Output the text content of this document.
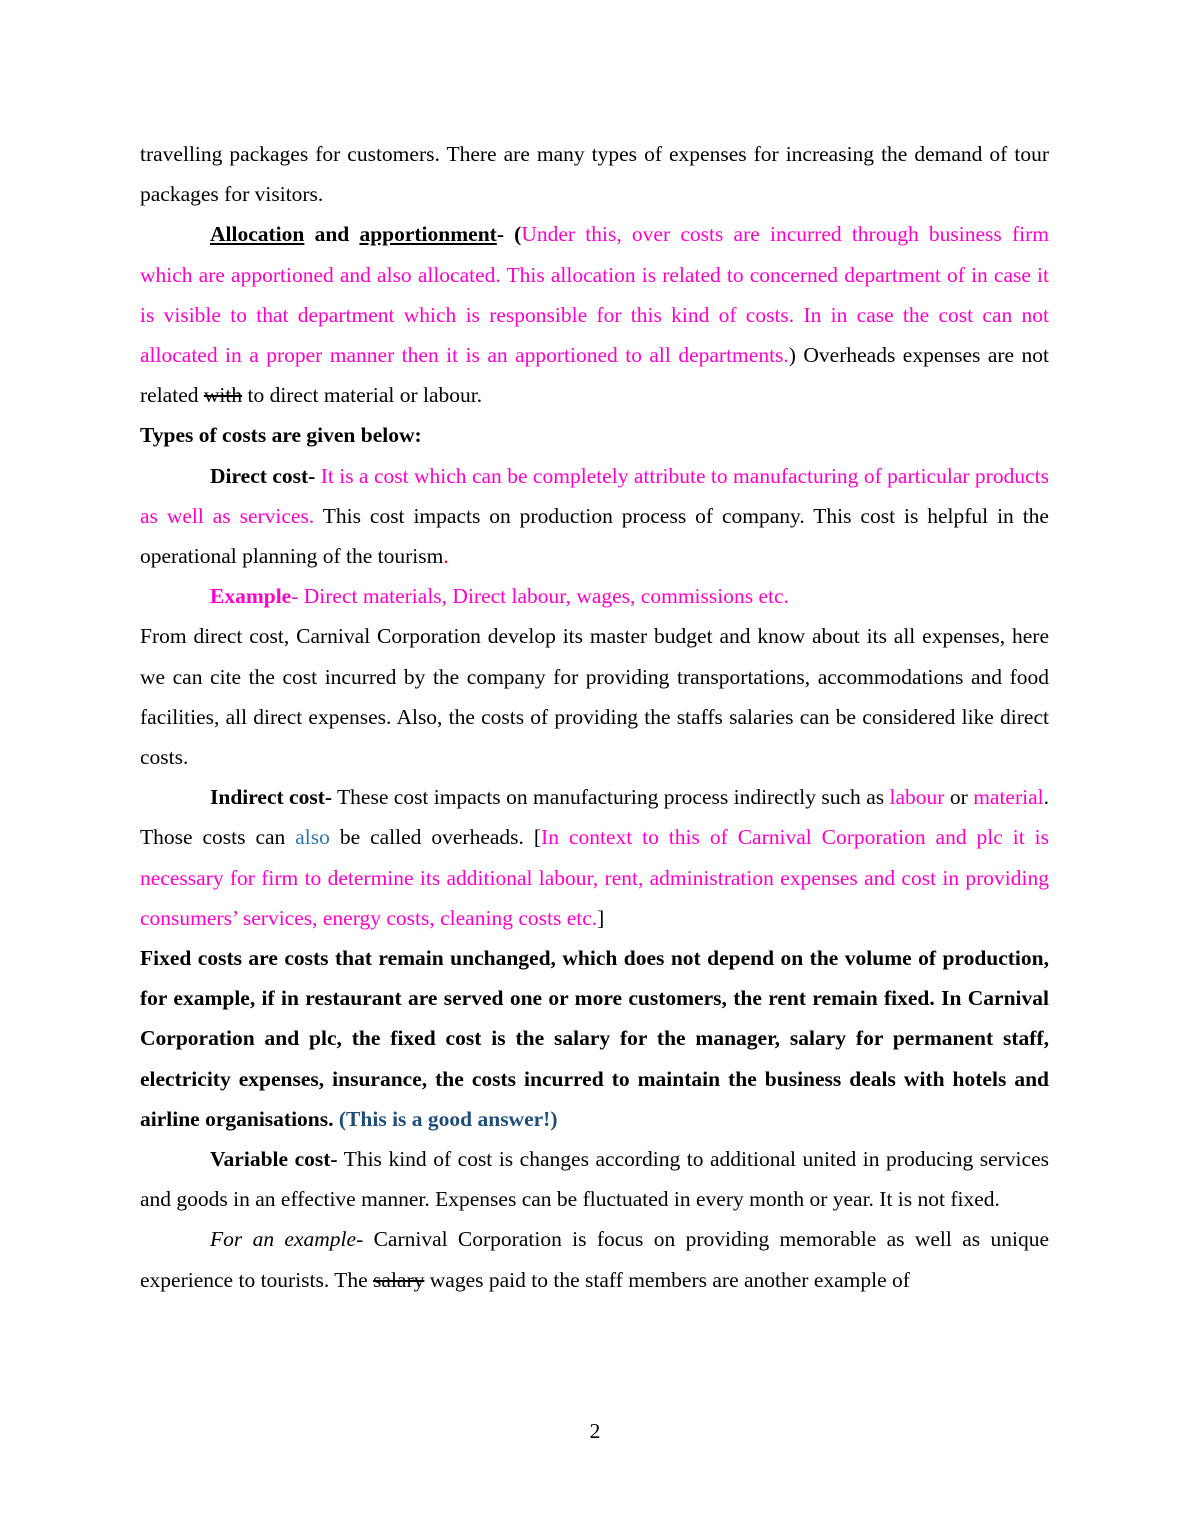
travelling packages for customers. There are many types of expenses for increasing the demand of tour packages for visitors.

Allocation and apportionment- (Under this, over costs are incurred through business firm which are apportioned and also allocated. This allocation is related to concerned department of in case it is visible to that department which is responsible for this kind of costs. In in case the cost can not allocated in a proper manner then it is an apportioned to all departments.) Overheads expenses are not related with to direct material or labour.

Types of costs are given below:

Direct cost- It is a cost which can be completely attribute to manufacturing of particular products as well as services. This cost impacts on production process of company. This cost is helpful in the operational planning of the tourism.

Example- Direct materials, Direct labour, wages, commissions etc.

From direct cost, Carnival Corporation develop its master budget and know about its all expenses, here we can cite the cost incurred by the company for providing transportations, accommodations and food facilities, all direct expenses. Also, the costs of providing the staffs salaries can be considered like direct costs.

Indirect cost- These cost impacts on manufacturing process indirectly such as labour or material. Those costs can also be called overheads. [In context to this of Carnival Corporation and plc it is necessary for firm to determine its additional labour, rent, administration expenses and cost in providing consumers’ services, energy costs, cleaning costs etc.]

Fixed costs are costs that remain unchanged, which does not depend on the volume of production, for example, if in restaurant are served one or more customers, the rent remain fixed. In Carnival Corporation and plc, the fixed cost is the salary for the manager, salary for permanent staff, electricity expenses, insurance, the costs incurred to maintain the business deals with hotels and airline organisations. (This is a good answer!)

Variable cost- This kind of cost is changes according to additional united in producing services and goods in an effective manner. Expenses can be fluctuated in every month or year. It is not fixed.

For an example- Carnival Corporation is focus on providing memorable as well as unique experience to tourists. The salary wages paid to the staff members are another example of

2
